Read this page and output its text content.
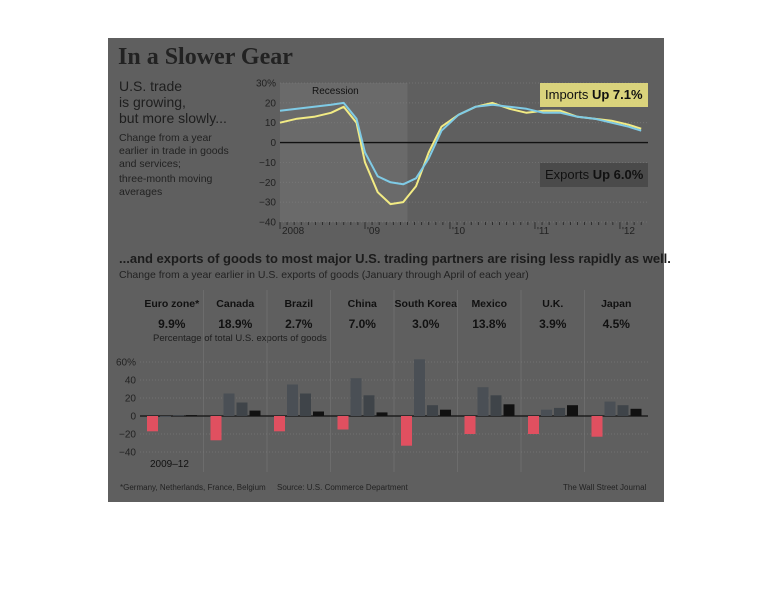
In a Slower Gear
U.S. trade
is growing,
but more slowly...
Change from a year
earlier in trade in goods
and services;
three-month moving
averages
Recession
30%
20
10
0
−10
−20
−30
−40
2008	'09	'10	'11	'12
Imports Up 7.1%
Exports Up 6.0%
...and exports of goods to most major U.S. trading partners are rising less rapidly as well.
Change from a year earlier in U.S. exports of goods (January through April of each year)
Euro zone*
9.9%
Canada
18.9%
Brazil
2.7%
China
7.0%
South Korea
3.0%
Mexico
13.8%
U.K.
3.9%
Japan
4.5%
Percentage of total U.S. exports of goods
60%
40
20
0
−20
−40
2009–12
*Germany, Netherlands, France, Belgium Source: U.S. Commerce Department	The Wall Street Journal
